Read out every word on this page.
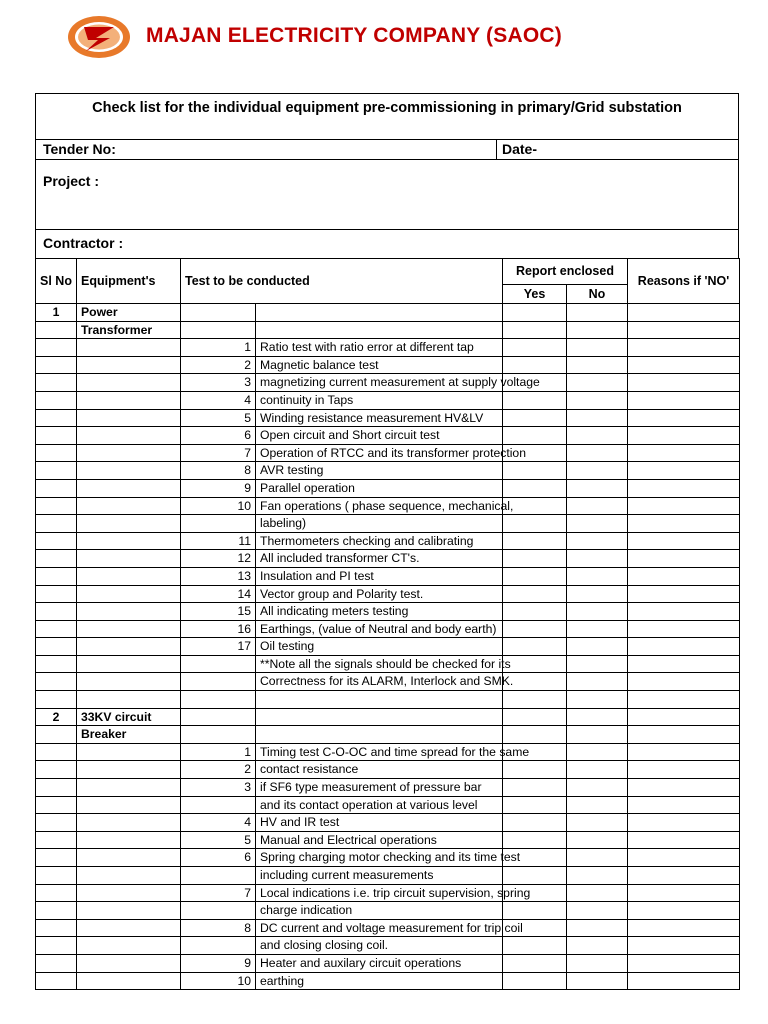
MAJAN ELECTRICITY COMPANY (SAOC)
Check list for the individual equipment pre-commissioning in primary/Grid substation
Tender No:	Date-
Project :
Contractor :
Sl No	Equipment's	Test to be conducted		Report enclosed		Reasons if 'NO'
				Yes	No	
1	Power					
	Transformer					
		1	Ratio test with ratio error at different tap			
		2	Magnetic balance test			
		3	magnetizing current measurement at supply voltage			
		4	continuity in Taps			
		5	Winding resistance measurement HV&LV			
		6	Open circuit and Short circuit test			
		7	Operation of RTCC and its transformer protection			
		8	AVR testing			
		9	Parallel operation			
		10	Fan operations ( phase sequence, mechanical,			
			labeling)			
		11	Thermometers checking and calibrating			
		12	All included transformer CT's.			
		13	Insulation and PI test			
		14	Vector group and Polarity test.			
		15	All indicating meters testing			
		16	Earthings, (value of Neutral and body earth)			
		17	Oil testing			
			**Note all the signals should be checked for its			
			Correctness for its ALARM, Interlock and SMK.			

2	33KV circuit					
	Breaker					
		1	Timing test C-O-OC and time spread for the same			
		2	contact resistance			
		3	if SF6 type measurement of pressure bar			
			and its contact operation at various level			
		4	HV and IR test			
		5	Manual and Electrical operations			
		6	Spring charging motor checking and its time test			
			including current measurements			
		7	Local indications i.e. trip circuit supervision, spring			
			charge indication			
		8	DC current and voltage measurement for trip coil			
			and closing closing coil.			
		9	Heater and auxilary circuit operations			
		10	earthing			
